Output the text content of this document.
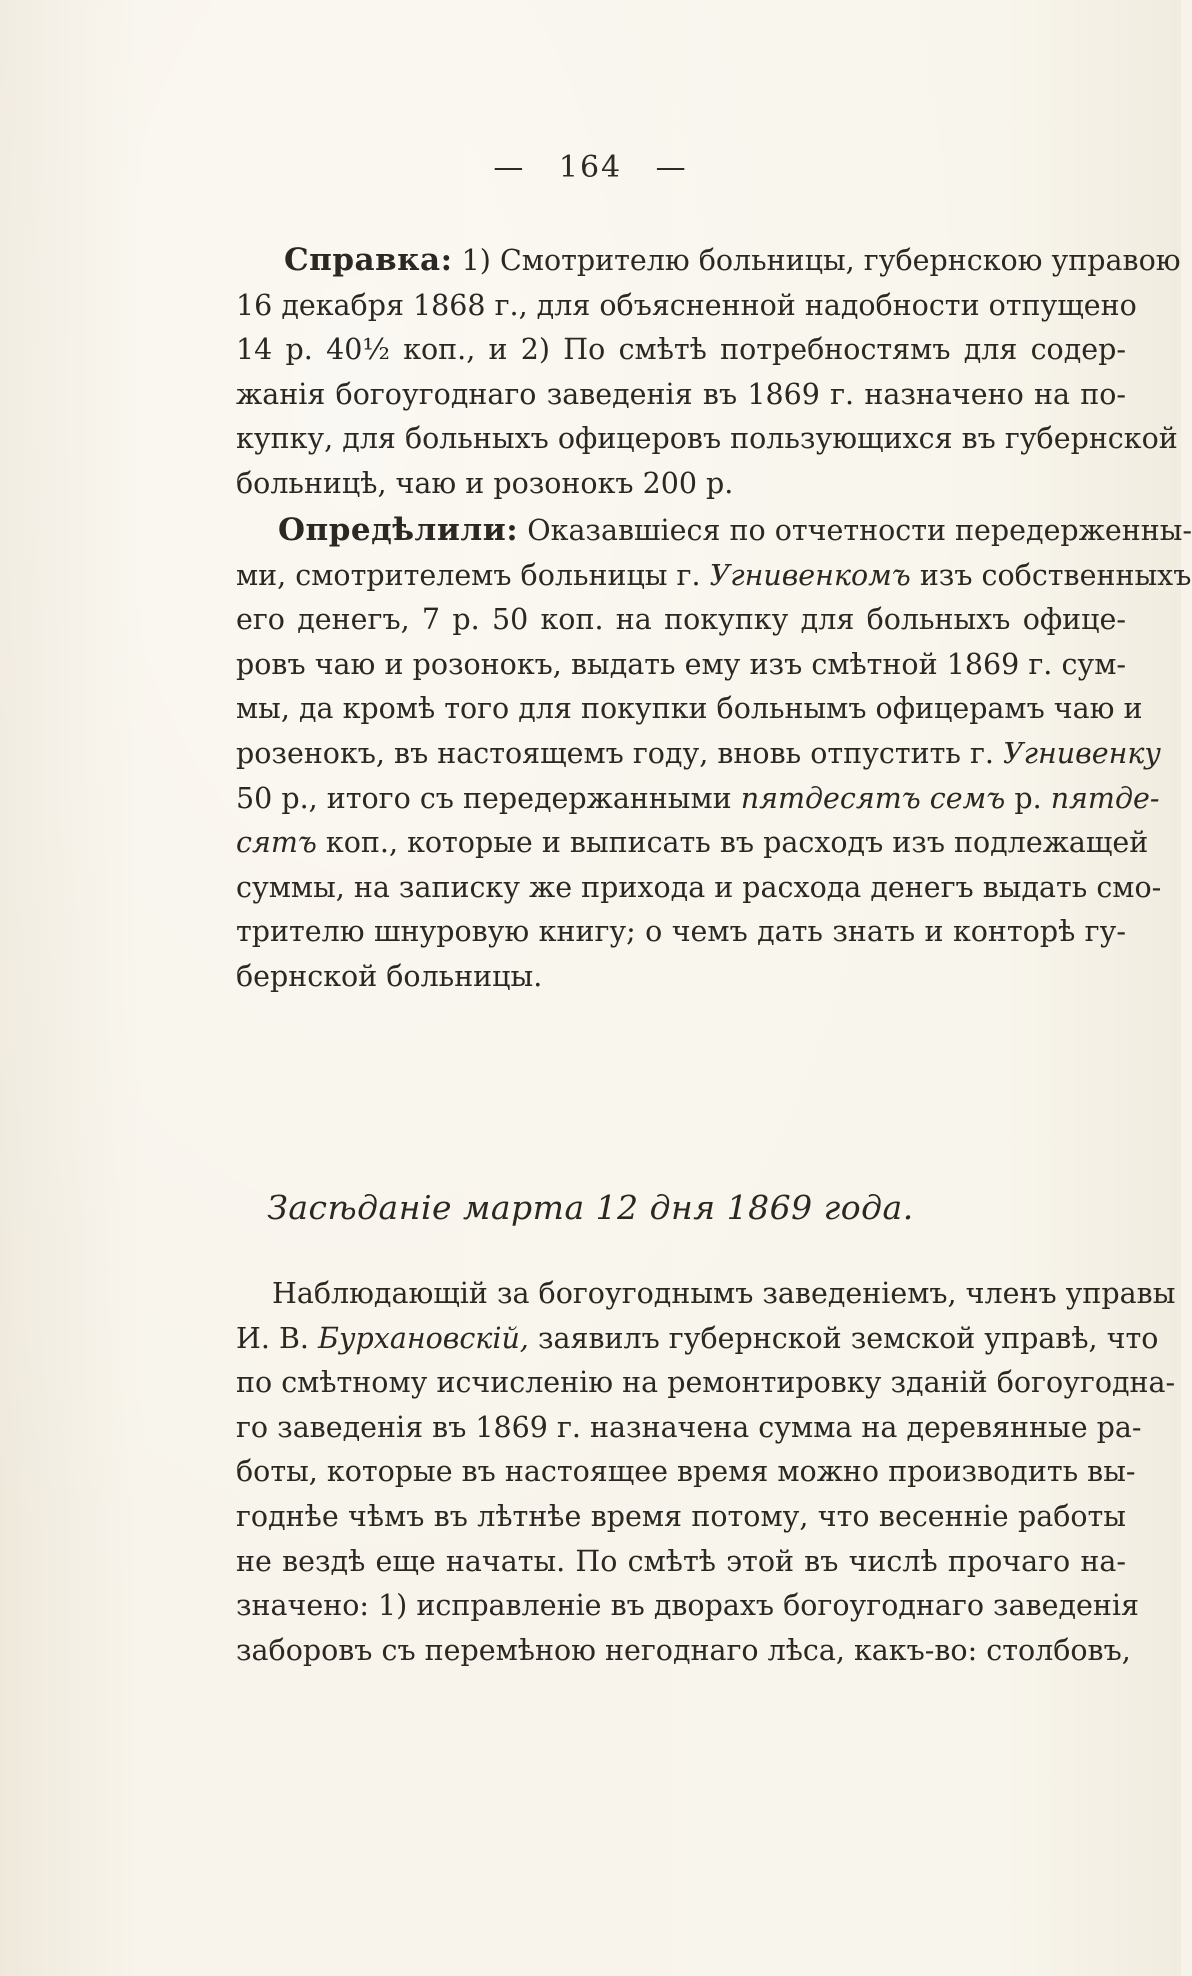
— 164 —
Справка: 1) Смотрителю больницы, губернскою управою
16 декабря 1868 г., для объясненной надобности отпущено
14 р. 40½ коп., и 2) По смѣтѣ потребностямъ для содер-
жанія богоугоднаго заведенія въ 1869 г. назначено на по-
купку, для больныхъ офицеровъ пользующихся въ губернской
больницѣ, чаю и розонокъ 200 р.
Опредѣлили: Оказавшіеся по отчетности передерженны-
ми, смотрителемъ больницы г. Угнивенкомъ изъ собственныхъ
его денегъ, 7 р. 50 коп. на покупку для больныхъ офице-
ровъ чаю и розонокъ, выдать ему изъ смѣтной 1869 г. сум-
мы, да кромѣ того для покупки больнымъ офицерамъ чаю и
розенокъ, въ настоящемъ году, вновь отпустить г. Угнивенку
50 р., итого съ передержанными пятдесятъ семъ р. пятде-
сятъ коп., которые и выписать въ расходъ изъ подлежащей
суммы, на записку же прихода и расхода денегъ выдать смо-
трителю шнуровую книгу; о чемъ дать знать и конторѣ гу-
бернской больницы.
Засѣданіе марта 12 дня 1869 года.
Наблюдающій за богоугоднымъ заведеніемъ, членъ управы
И. В. Бурхановскій, заявилъ губернской земской управѣ, что
по смѣтному исчисленію на ремонтировку зданій богоугодна-
го заведенія въ 1869 г. назначена сумма на деревянные ра-
боты, которые въ настоящее время можно производить вы-
годнѣе чѣмъ въ лѣтнѣе время потому, что весенніе работы
не вездѣ еще начаты. По смѣтѣ этой въ числѣ прочаго на-
значено: 1) исправленіе въ дворахъ богоугоднаго заведенія
заборовъ съ перемѣною негоднаго лѣса, какъ-во: столбовъ,
